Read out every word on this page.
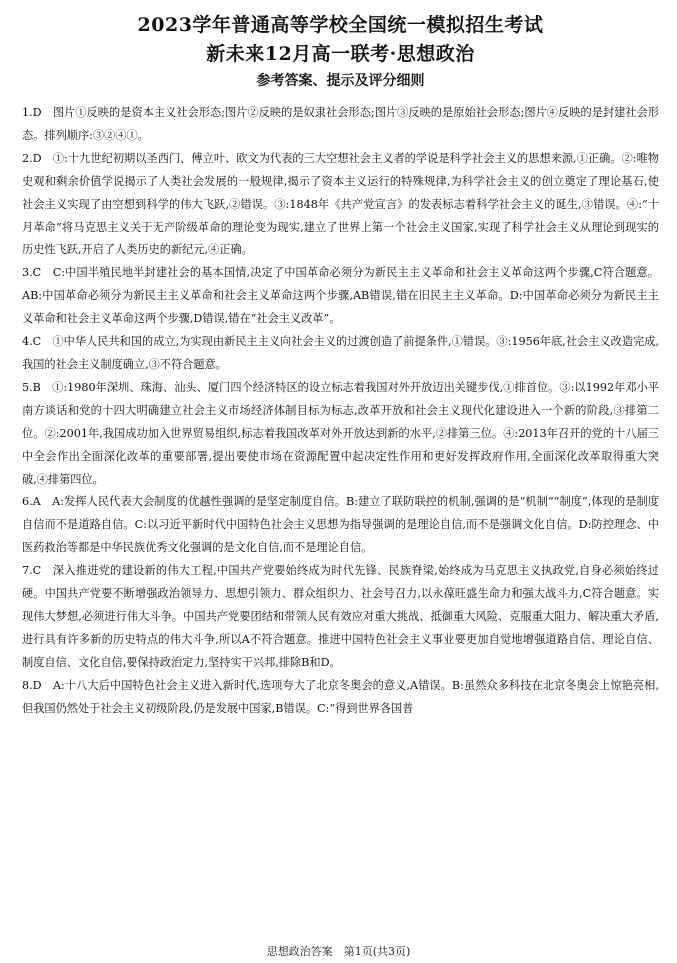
2023学年普通高等学校全国统一模拟招生考试
新未来12月高一联考·思想政治
参考答案、提示及评分细则

1.D　图片①反映的是资本主义社会形态;图片②反映的是奴隶社会形态;图片③反映的是原始社会形态;图片④反映的是封建社会形态。排列顺序:③②④①。

2.D　①:十九世纪初期以圣西门、傅立叶、欧文为代表的三大空想社会主义者的学说是科学社会主义的思想来源,①正确。②:唯物史观和剩余价值学说揭示了人类社会发展的一般规律,揭示了资本主义运行的特殊规律,为科学社会主义的创立奠定了理论基石,使社会主义实现了由空想到科学的伟大飞跃,②错误。③:1848年《共产党宣言》的发表标志着科学社会主义的诞生,③错误。④:“十月革命”将马克思主义关于无产阶级革命的理论变为现实,建立了世界上第一个社会主义国家,实现了科学社会主义从理论到现实的历史性飞跃,开启了人类历史的新纪元,④正确。

3.C　C:中国半殖民地半封建社会的基本国情,决定了中国革命必须分为新民主主义革命和社会主义革命这两个步骤,C符合题意。AB:中国革命必须分为新民主主义革命和社会主义革命这两个步骤,AB错误,错在旧民主主义革命。D:中国革命必须分为新民主主义革命和社会主义革命这两个步骤,D错误,错在“社会主义改革”。

4.C　①中华人民共和国的成立,为实现由新民主主义向社会主义的过渡创造了前提条件,①错误。③:1956年底,社会主义改造完成,我国的社会主义制度确立,③不符合题意。

5.B　①:1980年深圳、珠海、汕头、厦门四个经济特区的设立标志着我国对外开放迈出关键步伐,①排首位。③:以1992年邓小平南方谈话和党的十四大明确建立社会主义市场经济体制目标为标志,改革开放和社会主义现代化建设进入一个新的阶段,③排第二位。②:2001年,我国成功加入世界贸易组织,标志着我国改革对外开放达到新的水平,②排第三位。④:2013年召开的党的十八届三中全会作出全面深化改革的重要部署,提出要使市场在资源配置中起决定性作用和更好发挥政府作用,全面深化改革取得重大突破,④排第四位。

6.A　A:发挥人民代表大会制度的优越性强调的是坚定制度自信。B:建立了联防联控的机制,强调的是“机制”“制度”,体现的是制度自信而不是道路自信。C:以习近平新时代中国特色社会主义思想为指导强调的是理论自信,而不是强调文化自信。D:防控理念、中医药救治等都是中华民族优秀文化强调的是文化自信,而不是理论自信。

7.C　深入推进党的建设新的伟大工程,中国共产党要始终成为时代先锋、民族脊梁,始终成为马克思主义执政党,自身必须始终过硬。中国共产党要不断增强政治领导力、思想引领力、群众组织力、社会号召力,以永葆旺盛生命力和强大战斗力,C符合题意。实现伟大梦想,必须进行伟大斗争。中国共产党要团结和带领人民有效应对重大挑战、抵御重大风险、克服重大阻力、解决重大矛盾,进行具有许多新的历史特点的伟大斗争,所以A不符合题意。推进中国特色社会主义事业要更加自觉地增强道路自信、理论自信、制度自信、文化自信,要保持政治定力,坚持实干兴邦,排除B和D。

8.D　A:十八大后中国特色社会主义进入新时代,选项夸大了北京冬奥会的意义,A错误。B:虽然众多科技在北京冬奥会上惊艳亮相,但我国仍然处于社会主义初级阶段,仍是发展中国家,B错误。C:“得到世界各国普

思想政治答案　第1页(共3页)
